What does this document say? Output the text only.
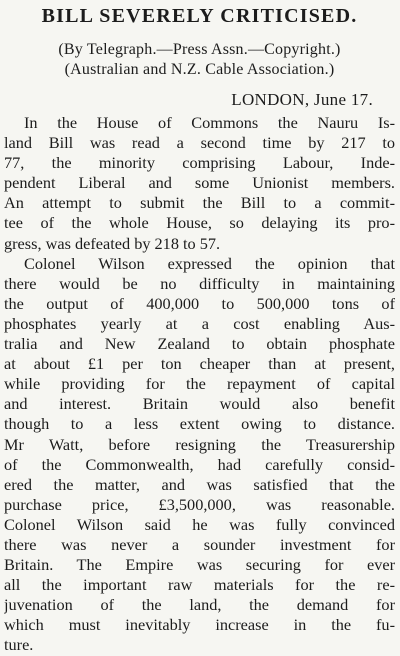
BILL SEVERELY CRITICISED.

(By Telegraph.—Press Assn.—Copyright.)

(Australian and N.Z. Cable Association.)

LONDON, June 17.

In the House of Commons the Nauru Is-
land Bill was read a second time by 217 to
77, the minority comprising Labour, Inde-
pendent Liberal and some Unionist members.
An attempt to submit the Bill to a commit-
tee of the whole House, so delaying its pro-
gress, was defeated by 218 to 57.

Colonel Wilson expressed the opinion that
there would be no difficulty in maintaining
the output of 400,000 to 500,000 tons of
phosphates yearly at a cost enabling Aus-
tralia and New Zealand to obtain phosphate
at about £1 per ton cheaper than at present,
while providing for the repayment of capital
and interest. Britain would also benefit
though to a less extent owing to distance.
Mr Watt, before resigning the Treasurership
of the Commonwealth, had carefully consid-
ered the matter, and was satisfied that the
purchase price, £3,500,000, was reasonable.
Colonel Wilson said he was fully convinced
there was never a sounder investment for
Britain. The Empire was securing for ever
all the important raw materials for the re-
juvenation of the land, the demand for
which must inevitably increase in the fu-
ture.
